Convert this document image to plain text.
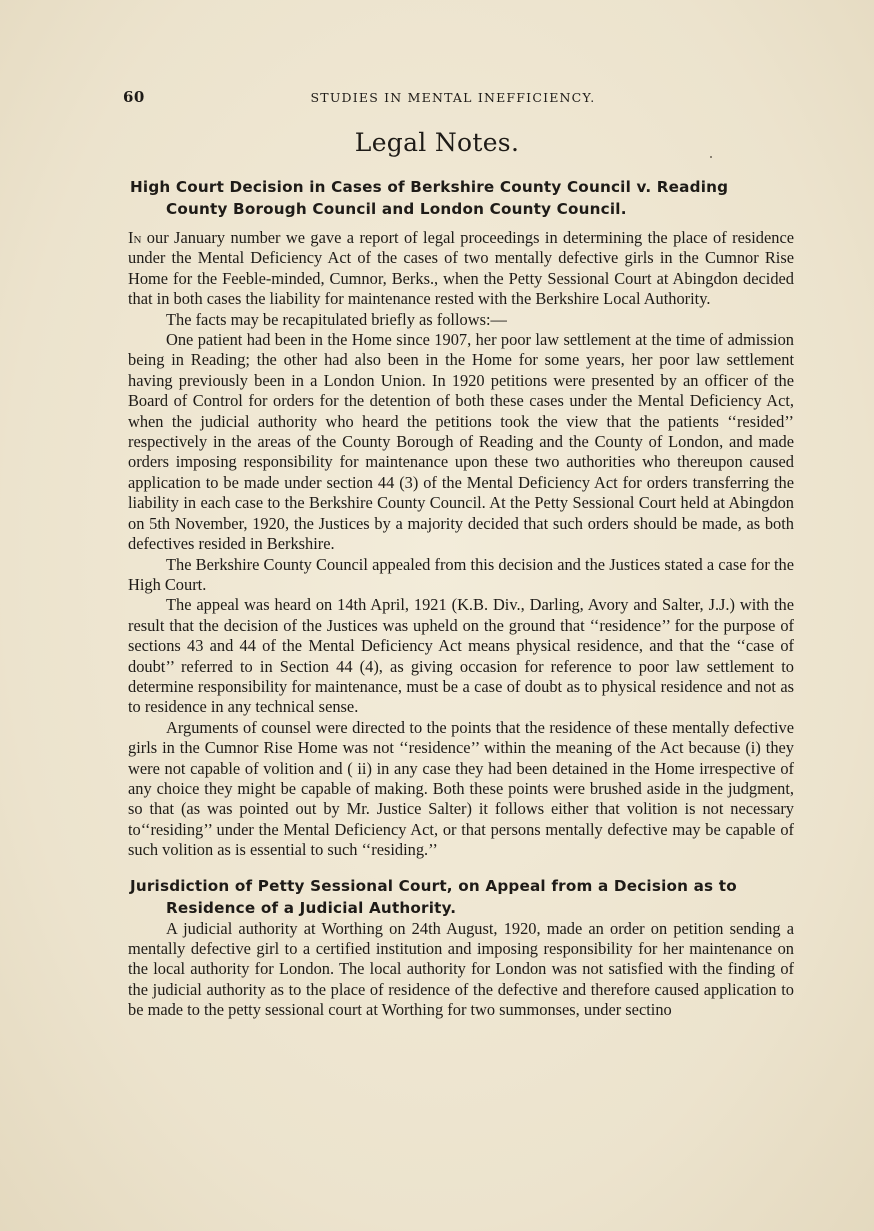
60	STUDIES IN MENTAL INEFFICIENCY.
Legal Notes.
High Court Decision in Cases of Berkshire County Council v. Reading County Borough Council and London County Council.

In our January number we gave a report of legal proceedings in determining the place of residence under the Mental Deficiency Act of the cases of two mentally defective girls in the Cumnor Rise Home for the Feeble-minded, Cumnor, Berks., when the Petty Sessional Court at Abingdon decided that in both cases the liability for maintenance rested with the Berkshire Local Authority.

The facts may be recapitulated briefly as follows:—

One patient had been in the Home since 1907, her poor law settlement at the time of admission being in Reading; the other had also been in the Home for some years, her poor law settlement having previously been in a London Union. In 1920 petitions were presented by an officer of the Board of Control for orders for the detention of both these cases under the Mental Deficiency Act, when the judicial authority who heard the petitions took the view that the patients ‘‘resided’’ respectively in the areas of the County Borough of Reading and the County of London, and made orders imposing responsibility for maintenance upon these two authorities who thereupon caused application to be made under section 44 (3) of the Mental Deficiency Act for orders transferring the liability in each case to the Berkshire County Council. At the Petty Sessional Court held at Abingdon on 5th November, 1920, the Justices by a majority decided that such orders should be made, as both defectives resided in Berkshire.

The Berkshire County Council appealed from this decision and the Justices stated a case for the High Court.

The appeal was heard on 14th April, 1921 (K.B. Div., Darling, Avory and Salter, J.J.) with the result that the decision of the Justices was upheld on the ground that ‘‘residence’’ for the purpose of sections 43 and 44 of the Mental Deficiency Act means physical residence, and that the ‘‘case of doubt’’ referred to in Section 44 (4), as giving occasion for reference to poor law settlement to determine responsibility for maintenance, must be a case of doubt as to physical residence and not as to residence in any technical sense.

Arguments of counsel were directed to the points that the residence of these mentally defective girls in the Cumnor Rise Home was not ‘‘residence’’ within the meaning of the Act because (i) they were not capable of volition and ( ii) in any case they had been detained in the Home irrespective of any choice they might be capable of making. Both these points were brushed aside in the judgment, so that (as was pointed out by Mr. Justice Salter) it follows either that volition is not necessary to‘‘residing’’ under the Mental Deficiency Act, or that persons mentally defective may be capable of such volition as is essential to such ‘‘residing.’’

Jurisdiction of Petty Sessional Court, on Appeal from a Decision as to Residence of a Judicial Authority.

A judicial authority at Worthing on 24th August, 1920, made an order on petition sending a mentally defective girl to a certified institution and imposing responsibility for her maintenance on the local authority for London. The local authority for London was not satisfied with the finding of the judicial authority as to the place of residence of the defective and therefore caused application to be made to the petty sessional court at Worthing for two summonses, under sectino
